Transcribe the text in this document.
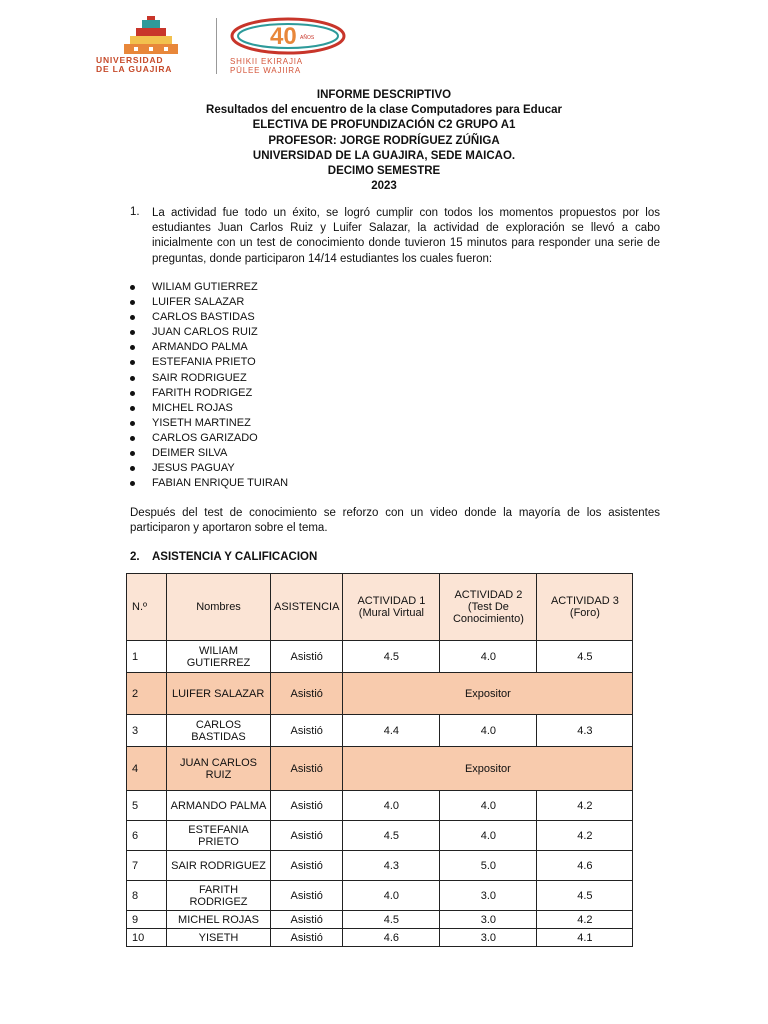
UNIVERSIDAD
DE LA GUAJIRA
40 AÑOS
SHIKII EKIRAJIA
PÜLEE WAJIIRA
INFORME DESCRIPTIVO
Resultados del encuentro de la clase Computadores para Educar
ELECTIVA DE PROFUNDIZACIÓN C2 GRUPO A1
PROFESOR: JORGE RODRÍGUEZ ZÚÑIGA
UNIVERSIDAD DE LA GUAJIRA, SEDE MAICAO.
DECIMO SEMESTRE
2023
1. La actividad fue todo un éxito, se logró cumplir con todos los momentos propuestos por los estudiantes Juan Carlos Ruiz y Luifer Salazar, la actividad de exploración se llevó a cabo inicialmente con un test de conocimiento donde tuvieron 15 minutos para responder una serie de preguntas, donde participaron 14/14 estudiantes los cuales fueron:
WILIAM GUTIERREZ
LUIFER SALAZAR
CARLOS BASTIDAS
JUAN CARLOS RUIZ
ARMANDO PALMA
ESTEFANIA PRIETO
SAIR RODRIGUEZ
FARITH RODRIGEZ
MICHEL ROJAS
YISETH MARTINEZ
CARLOS GARIZADO
DEIMER SILVA
JESUS PAGUAY
FABIAN ENRIQUE TUIRAN
Después del test de conocimiento se reforzo con un video donde la mayoría de los asistentes participaron y aportaron sobre el tema.
2. ASISTENCIA Y CALIFICACION
N.º	Nombres	ASISTENCIA	ACTIVIDAD 1 (Mural Virtual	ACTIVIDAD 2 (Test De Conocimiento)	ACTIVIDAD 3 (Foro)
1	WILIAM GUTIERREZ	Asistió	4.5	4.0	4.5
2	LUIFER SALAZAR	Asistió	Expositor		
3	CARLOS BASTIDAS	Asistió	4.4	4.0	4.3
4	JUAN CARLOS RUIZ	Asistió	Expositor		
5	ARMANDO PALMA	Asistió	4.0	4.0	4.2
6	ESTEFANIA PRIETO	Asistió	4.5	4.0	4.2
7	SAIR RODRIGUEZ	Asistió	4.3	5.0	4.6
8	FARITH RODRIGEZ	Asistió	4.0	3.0	4.5
9	MICHEL ROJAS	Asistió	4.5	3.0	4.2
10	YISETH	Asistió	4.6	3.0	4.1
